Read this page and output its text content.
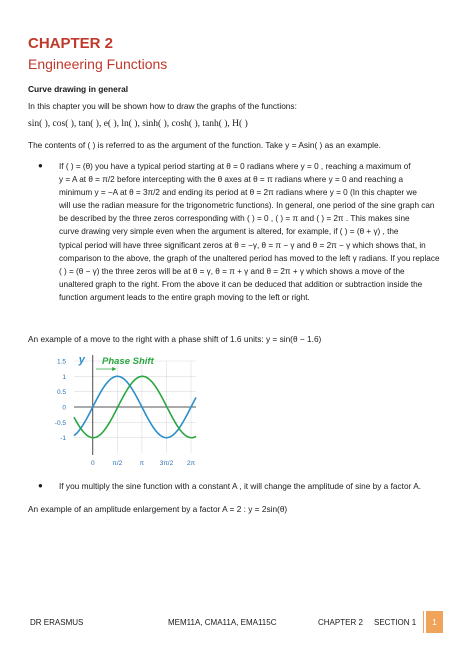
CHAPTER 2
Engineering Functions
Curve drawing in general
In this chapter you will be shown how to draw the graphs of the functions:
sin( ), cos( ), tan( ), e( ), ln( ), sinh( ), cosh( ), tanh( ), H( )
The contents of ( ) is referred to as the argument of the function. Take y = Asin( ) as an example.
● If ( ) = (θ) you have a typical period starting at θ = 0 radians where y = 0 , reaching a maximum of
y = A at θ = π/2 before intercepting with the θ axes at θ = π radians where y = 0 and reaching a
minimum y = −A at θ = 3π/2 and ending its period at θ = 2π radians where y = 0 (In this chapter we
will use the radian measure for the trigonometric functions). In general, one period of the sine graph can
be described by the three zeros corresponding with ( ) = 0 , ( ) = π and ( ) = 2π . This makes sine
curve drawing very simple even when the argument is altered, for example, if ( ) = (θ + γ) , the
typical period will have three significant zeros at θ = −γ, θ = π − γ and θ = 2π − γ which shows that, in
comparison to the above, the graph of the unaltered period has moved to the left γ radians. If you replace
( ) = (θ − γ) the three zeros will be at θ = γ, θ = π + γ and θ = 2π + γ which shows a move of the
unaltered graph to the right. From the above it can be deduced that addition or subtraction inside the
function argument leads to the entire graph moving to the left or right.
An example of a move to the right with a phase shift of 1.6 units: y = sin(θ − 1.6)
1.5
1
0.5
0
-0.5
-1
0	π/2	π 3π/2 2π
y Phase Shift
● If you multiply the sine function with a constant A , it will change the amplitude of sine by a factor A.
An example of an amplitude enlargement by a factor A = 2 : y = 2sin(θ)
DR ERASMUS	MEM11A, CMA11A, EMA115C	CHAPTER 2 SECTION 1	1
